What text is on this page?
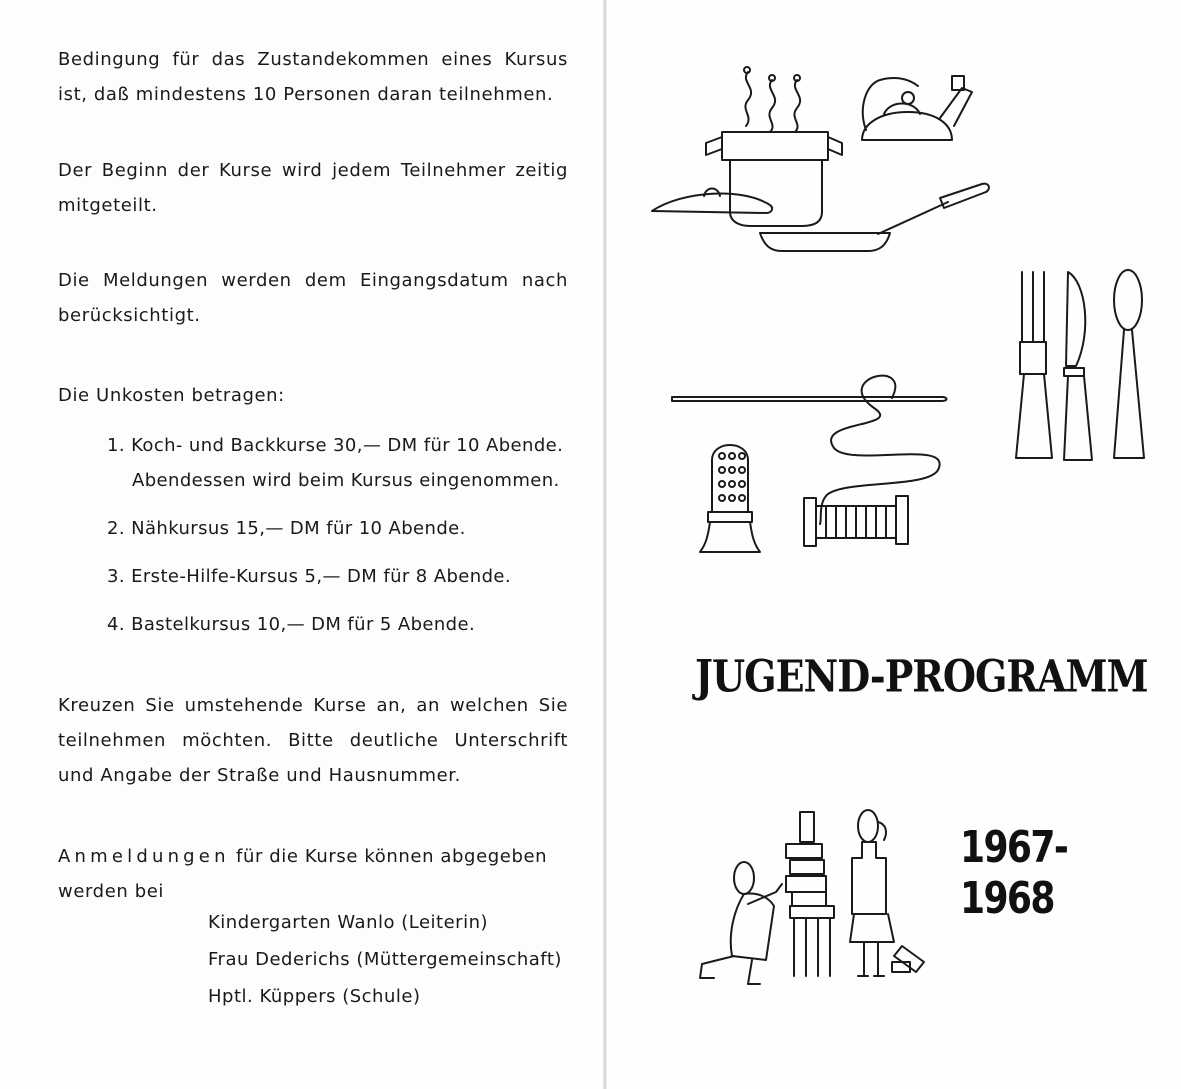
Bedingung für das Zustandekommen eines Kursus ist, daß mindestens 10 Personen daran teilnehmen.

Der Beginn der Kurse wird jedem Teilnehmer zeitig mitgeteilt.

Die Meldungen werden dem Eingangsdatum nach berücksichtigt.

Die Unkosten betragen:

1. Koch- und Backkurse 30,— DM für 10 Abende.
Abendessen wird beim Kursus eingenommen.
2. Nähkursus 15,— DM für 10 Abende.
3. Erste-Hilfe-Kursus 5,— DM für 8 Abende.
4. Bastelkursus 10,— DM für 5 Abende.

Kreuzen Sie umstehende Kurse an, an welchen Sie teilnehmen möchten. Bitte deutliche Unterschrift und Angabe der Straße und Hausnummer.

Anmeldungen für die Kurse können abgegeben werden bei

Kindergarten Wanlo (Leiterin)
Frau Dederichs (Müttergemeinschaft)
Hptl. Küppers (Schule)
JUGEND-PROGRAMM
1967-1968
